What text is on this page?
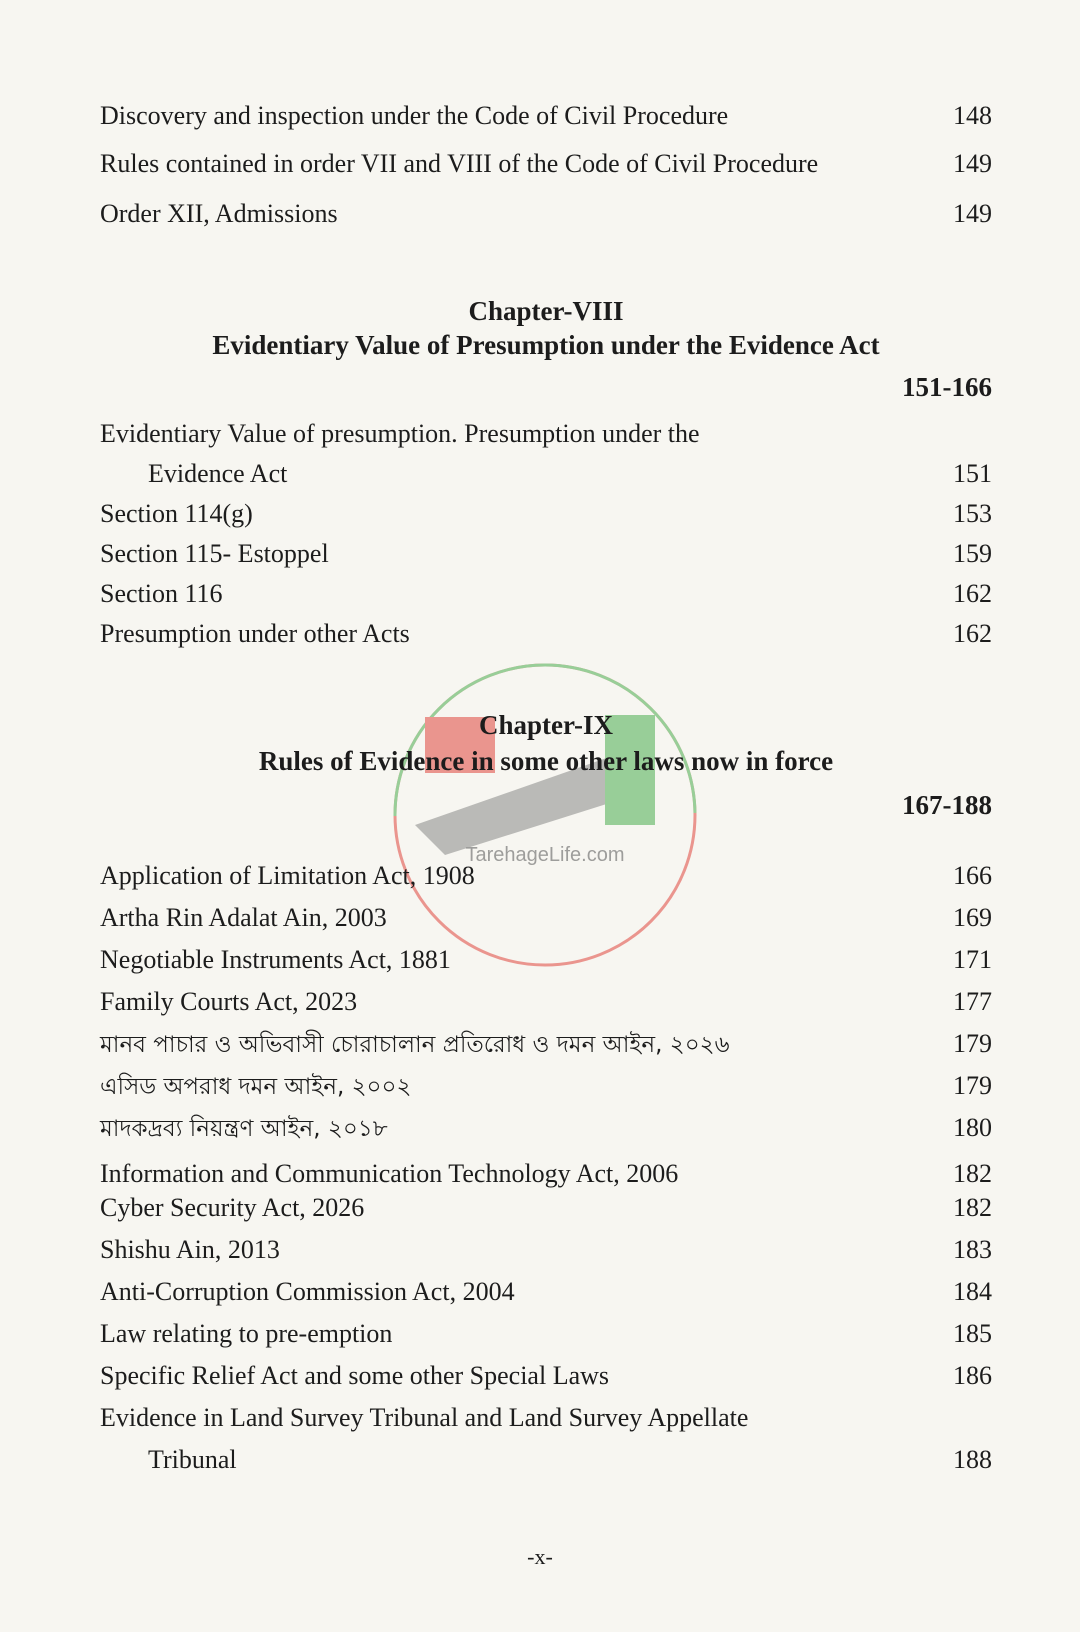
Discovery and inspection under the Code of Civil Procedure	148
Rules contained in order VII and VIII of the Code of Civil Procedure	149
Order XII, Admissions	149
Chapter-VIII
Evidentiary Value of Presumption under the Evidence Act
151-166
Evidentiary Value of presumption. Presumption under the
Evidence Act	151
Section 114(g)	153
Section 115- Estoppel	159
Section 116	162
Presumption under other Acts	162
TarehageLife.com
Chapter-IX
Rules of Evidence in some other laws now in force
167-188
Application of Limitation Act, 1908	166
Artha Rin Adalat Ain, 2003	169
Negotiable Instruments Act, 1881	171
Family Courts Act, 2023	177
মানব পাচার ও অভিবাসী চোরাচালান প্রতিরোধ ও দমন আইন, ২০২৬	179
এসিড অপরাধ দমন আইন, ২০০২	179
মাদকদ্রব্য নিয়ন্ত্রণ আইন, ২০১৮	180
Information and Communication Technology Act, 2006	182
Cyber Security Act, 2026	182
Shishu Ain, 2013	183
Anti-Corruption Commission Act, 2004	184
Law relating to pre-emption	185
Specific Relief Act and some other Special Laws	186
Evidence in Land Survey Tribunal and Land Survey Appellate
Tribunal	188
-x-
